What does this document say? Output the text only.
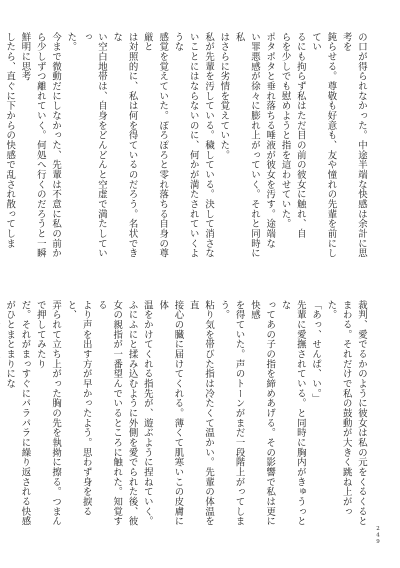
の口が得られなかった。中途半端な快感は余計に思考を
鈍らせる。尊敬も好意も、友や憧れの先輩を前にしてい
るにも拘らず私はただ目の前の彼女に触れ、自
らを少しでも慰めようと指を這わせていた。
ポタポタと垂れ落ちる唾液が彼女を汚す。途端な
い罪悪感が徐々に膨れ上がっていく。それと同時に私
はさらに劣情を覚えていた。
私が先輩を汚している。穢している。決して消さな
いことにはならないのに、何かが満たされていくような
感覚を覚えていた。ぽろぽろと零れ落ちる自身の尊厳と
は対照的に、私は何を得ているのだろう。名状できな
い空白地帯は、自身をどんどんと空虚で満たしていっ
た。
今まで微動だにしなかった、先輩は不意に私の前か
ら少しずつ離れていく。何処へ行くのだろうと一瞬鮮明に思考
したら、直ぐに下からの快感で乱され散ってしま

裁判、愛でるかのように彼女は私の元をくるくると
まわる。それだけで私の鼓動が大きく跳ね上がった。
「あっ、せんぱ、い。」
先輩に愛撫されている。と同時に胸内がきゅうっとな
ってあの子の指を締めあげる。その影響で私は更に快感
を得ていた。声のトーンがまだ一段階上がってしまう。
粘り気を帯びた指は冷たくて温かい。先輩の体温を直
接心の臓に届けてくれる。薄くて肌寒いこの皮膚に体
温をかけてくれる指先が、遊ぶように捏ねていく。
ふにふにと揉み込むように外側を愛でられた後、彼
女の親指が一番望んでいるところに触れた。知覚する
より声を出す方が早かったよう。思わず身を捩ると、
弄られて立ち上がった胸の先を執拗に擦る。つまんで押してみたり
だ。それがまっすぐにパラパラに繰り返される快感がひとまとまりにな

249
